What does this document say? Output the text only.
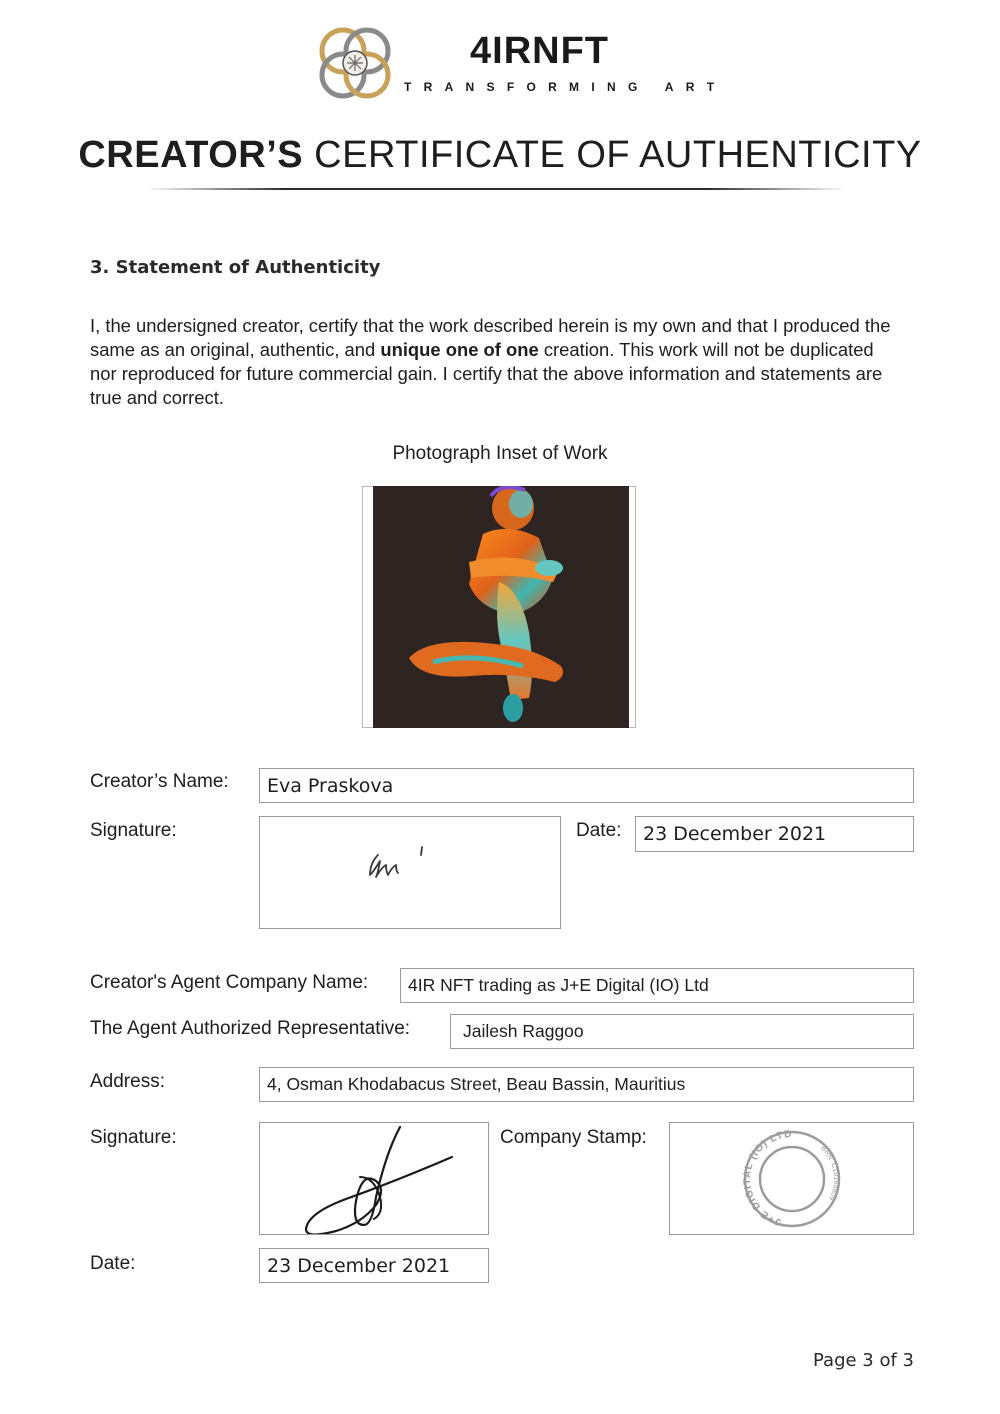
4IRNFT
TRANSFORMING ART
CREATOR’S CERTIFICATE OF AUTHENTICITY
3. Statement of Authenticity
I, the undersigned creator, certify that the work described herein is my own and that I produced the same as an original, authentic, and unique one of one creation. This work will not be duplicated nor reproduced for future commercial gain. I certify that the above information and statements are true and correct.
Photograph Inset of Work
Creator’s Name:	Eva Praskova
Signature:	Date:	23 December 2021
Creator's Agent Company Name:	4IR NFT trading as J+E Digital (IO) Ltd
The Agent Authorized Representative:	Jailesh Raggoo
Address:	4, Osman Khodabacus Street, Beau Bassin, Mauritius
Signature:	Company Stamp:
J+E DIGITAL (IO) LTD
BRN: C19164809
Date:	23 December 2021
Page 3 of 3
